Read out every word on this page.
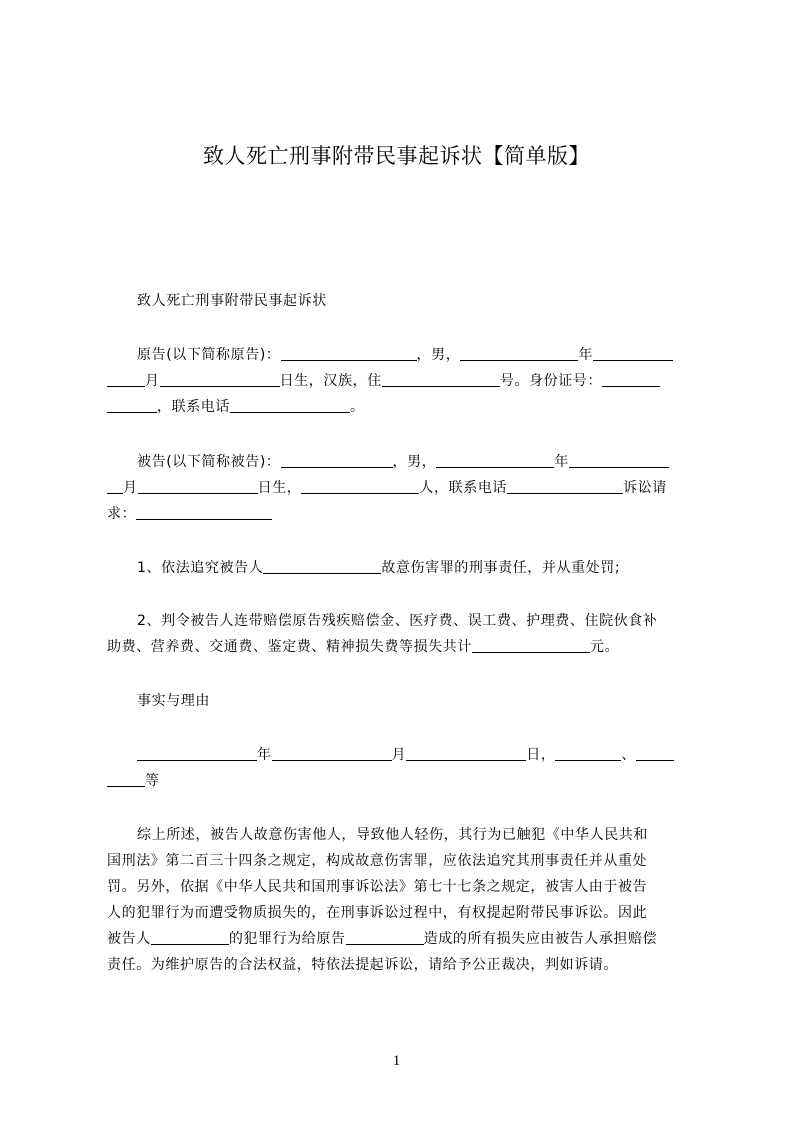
致人死亡刑事附带民事起诉状【简单版】
致人死亡刑事附带民事起诉状
原告(以下简称原告)：	，男，	年
月	日生，汉族，住	号。身份证号：
，联系电话	。
被告(以下简称被告)：	，男，	年
月	日生，	人，联系电话	诉讼请
求：
1、依法追究被告人	故意伤害罪的刑事责任，并从重处罚;
2、判令被告人连带赔偿原告残疾赔偿金、医疗费、误工费、护理费、住院伙食补
助费、营养费、交通费、鉴定费、精神损失费等损失共计	元。
事实与理由
年	月	日，	、
等
综上所述，被告人故意伤害他人，导致他人轻伤，其行为已触犯《中华人民共和
国刑法》第二百三十四条之规定，构成故意伤害罪，应依法追究其刑事责任并从重处
罚。另外，依据《中华人民共和国刑事诉讼法》第七十七条之规定，被害人由于被告
人的犯罪行为而遭受物质损失的，在刑事诉讼过程中，有权提起附带民事诉讼。因此
被告人	的犯罪行为给原告	造成的所有损失应由被告人承担赔偿
责任。为维护原告的合法权益，特依法提起诉讼，请给予公正裁决，判如诉请。
1
